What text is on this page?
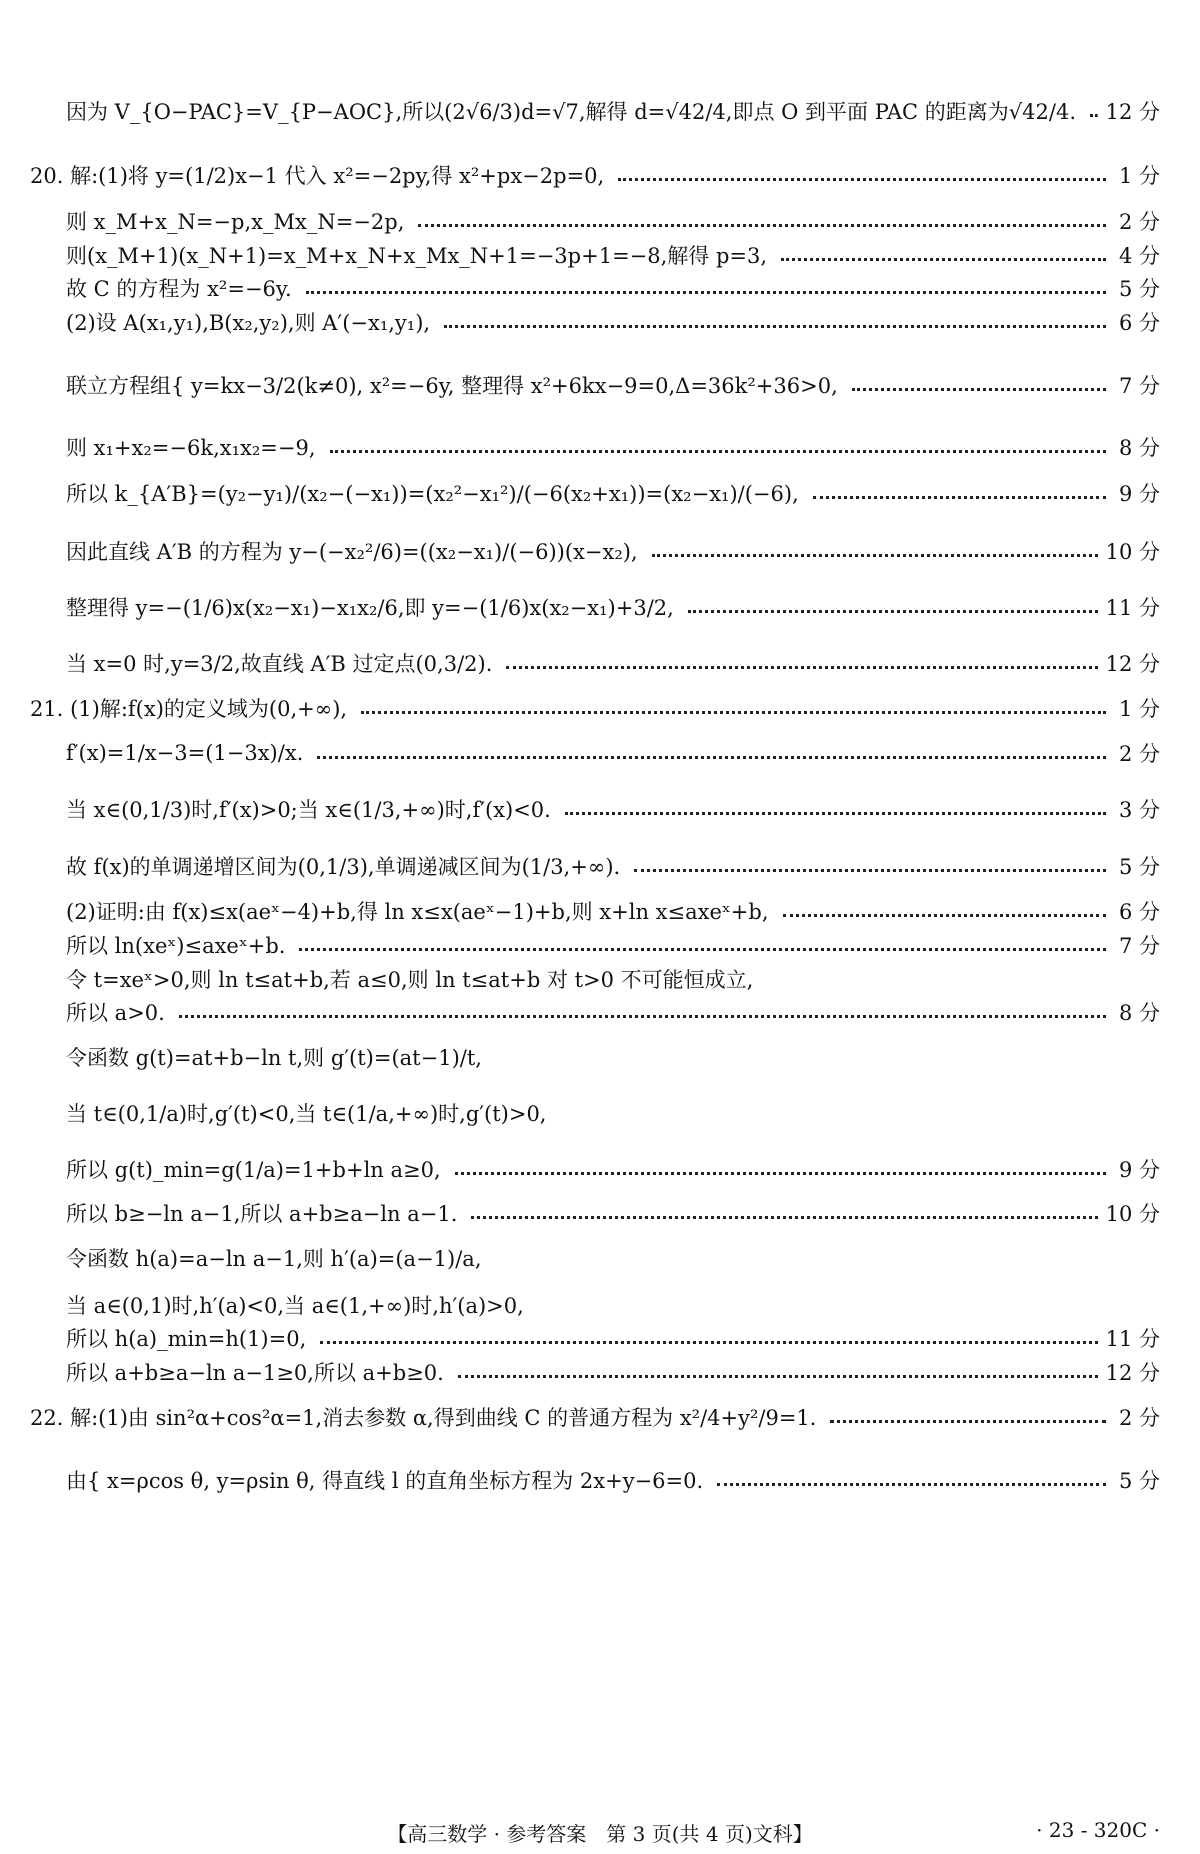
因为 V_{O−PAC}=V_{P−AOC},所以(2√6/3)d=√7,解得 d=√42/4,即点 O 到平面 PAC 的距离为√42/4. 12 分
20. 解:(1)将 y=(1/2)x−1 代入 x²=−2py,得 x²+px−2p=0,	1 分
则 x_M+x_N=−p,x_Mx_N=−2p,	2 分
则(x_M+1)(x_N+1)=x_M+x_N+x_Mx_N+1=−3p+1=−8,解得 p=3,	4 分
故 C 的方程为 x²=−6y.	5 分
(2)设 A(x₁,y₁),B(x₂,y₂),则 A′(−x₁,y₁),	6 分
联立方程组{ y=kx−3/2(k≠0), x²=−6y, 整理得 x²+6kx−9=0,Δ=36k²+36>0,	7 分
则 x₁+x₂=−6k,x₁x₂=−9,	8 分
所以 k_{A′B}=(y₂−y₁)/(x₂−(−x₁))=(x₂²−x₁²)/(−6(x₂+x₁))=(x₂−x₁)/(−6),	9 分
因此直线 A′B 的方程为 y−(−x₂²/6)=((x₂−x₁)/(−6))(x−x₂),	10 分
整理得 y=−(1/6)x(x₂−x₁)−x₁x₂/6,即 y=−(1/6)x(x₂−x₁)+3/2,	11 分
当 x=0 时,y=3/2,故直线 A′B 过定点(0,3/2).	12 分
21. (1)解:f(x)的定义域为(0,+∞),	1 分
f′(x)=1/x−3=(1−3x)/x.	2 分
当 x∈(0,1/3)时,f′(x)>0;当 x∈(1/3,+∞)时,f′(x)<0.	3 分
故 f(x)的单调递增区间为(0,1/3),单调递减区间为(1/3,+∞).	5 分
(2)证明:由 f(x)≤x(aeˣ−4)+b,得 ln x≤x(aeˣ−1)+b,则 x+ln x≤axeˣ+b,	6 分
所以 ln(xeˣ)≤axeˣ+b.	7 分
令 t=xeˣ>0,则 ln t≤at+b,若 a≤0,则 ln t≤at+b 对 t>0 不可能恒成立,
所以 a>0.	8 分
令函数 g(t)=at+b−ln t,则 g′(t)=(at−1)/t,
当 t∈(0,1/a)时,g′(t)<0,当 t∈(1/a,+∞)时,g′(t)>0,
所以 g(t)_min=g(1/a)=1+b+ln a≥0,	9 分
所以 b≥−ln a−1,所以 a+b≥a−ln a−1.	10 分
令函数 h(a)=a−ln a−1,则 h′(a)=(a−1)/a,
当 a∈(0,1)时,h′(a)<0,当 a∈(1,+∞)时,h′(a)>0,
所以 h(a)_min=h(1)=0,	11 分
所以 a+b≥a−ln a−1≥0,所以 a+b≥0.	12 分
22. 解:(1)由 sin²α+cos²α=1,消去参数 α,得到曲线 C 的普通方程为 x²/4+y²/9=1.	2 分
由{ x=ρcos θ, y=ρsin θ, 得直线 l 的直角坐标方程为 2x+y−6=0.	5 分
【高三数学 · 参考答案　第 3 页(共 4 页)文科】	· 23 - 320C ·
